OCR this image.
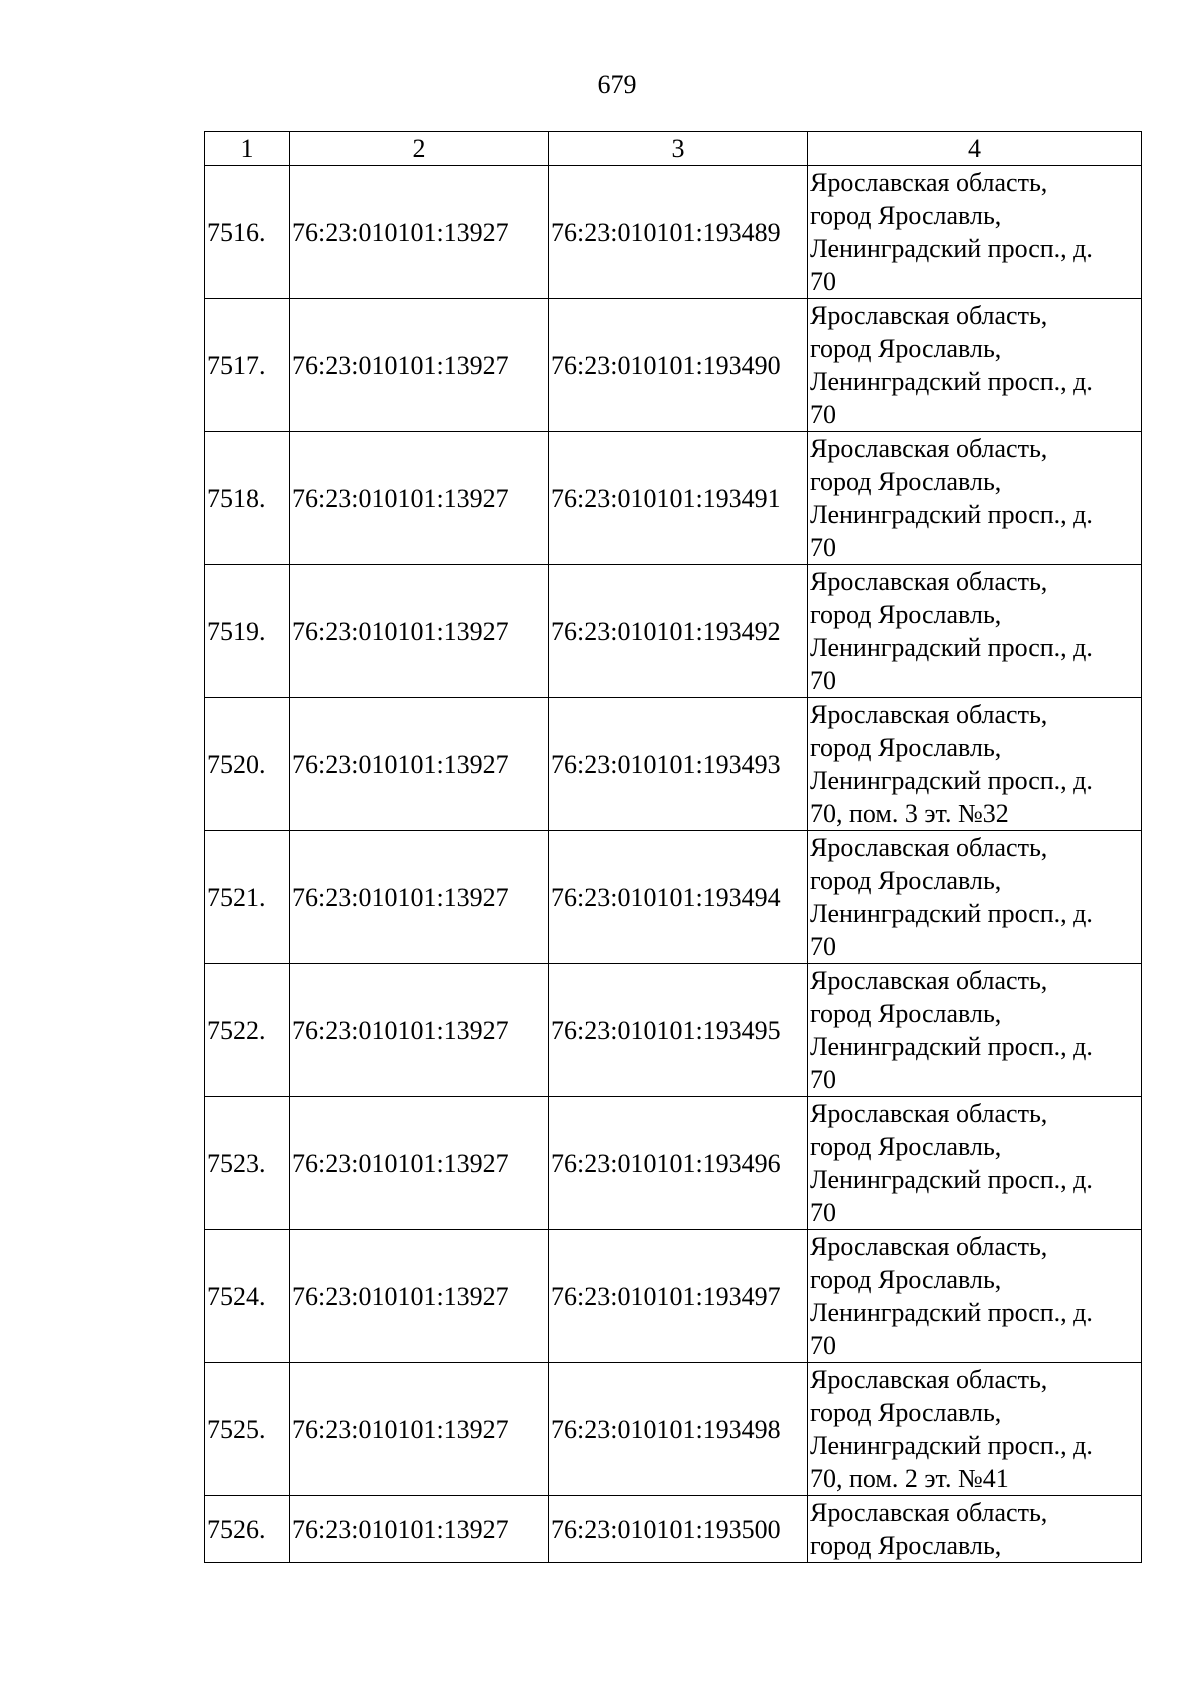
679
1	2	3	4
7516.	76:23:010101:13927	76:23:010101:193489	Ярославская область,
город Ярославль,
Ленинградский просп., д.
70

7517.	76:23:010101:13927	76:23:010101:193490	Ярославская область,
город Ярославль,
Ленинградский просп., д.
70

7518.	76:23:010101:13927	76:23:010101:193491	Ярославская область,
город Ярославль,
Ленинградский просп., д.
70

7519.	76:23:010101:13927	76:23:010101:193492	Ярославская область,
город Ярославль,
Ленинградский просп., д.
70

7520.	76:23:010101:13927	76:23:010101:193493	Ярославская область,
город Ярославль,
Ленинградский просп., д.
70, пом. 3 эт. №32

7521.	76:23:010101:13927	76:23:010101:193494	Ярославская область,
город Ярославль,
Ленинградский просп., д.
70

7522.	76:23:010101:13927	76:23:010101:193495	Ярославская область,
город Ярославль,
Ленинградский просп., д.
70

7523.	76:23:010101:13927	76:23:010101:193496	Ярославская область,
город Ярославль,
Ленинградский просп., д.
70

7524.	76:23:010101:13927	76:23:010101:193497	Ярославская область,
город Ярославль,
Ленинградский просп., д.
70

7525.	76:23:010101:13927	76:23:010101:193498	Ярославская область,
город Ярославль,
Ленинградский просп., д.
70, пом. 2 эт. №41

7526.	76:23:010101:13927	76:23:010101:193500	Ярославская область,
город Ярославль,
